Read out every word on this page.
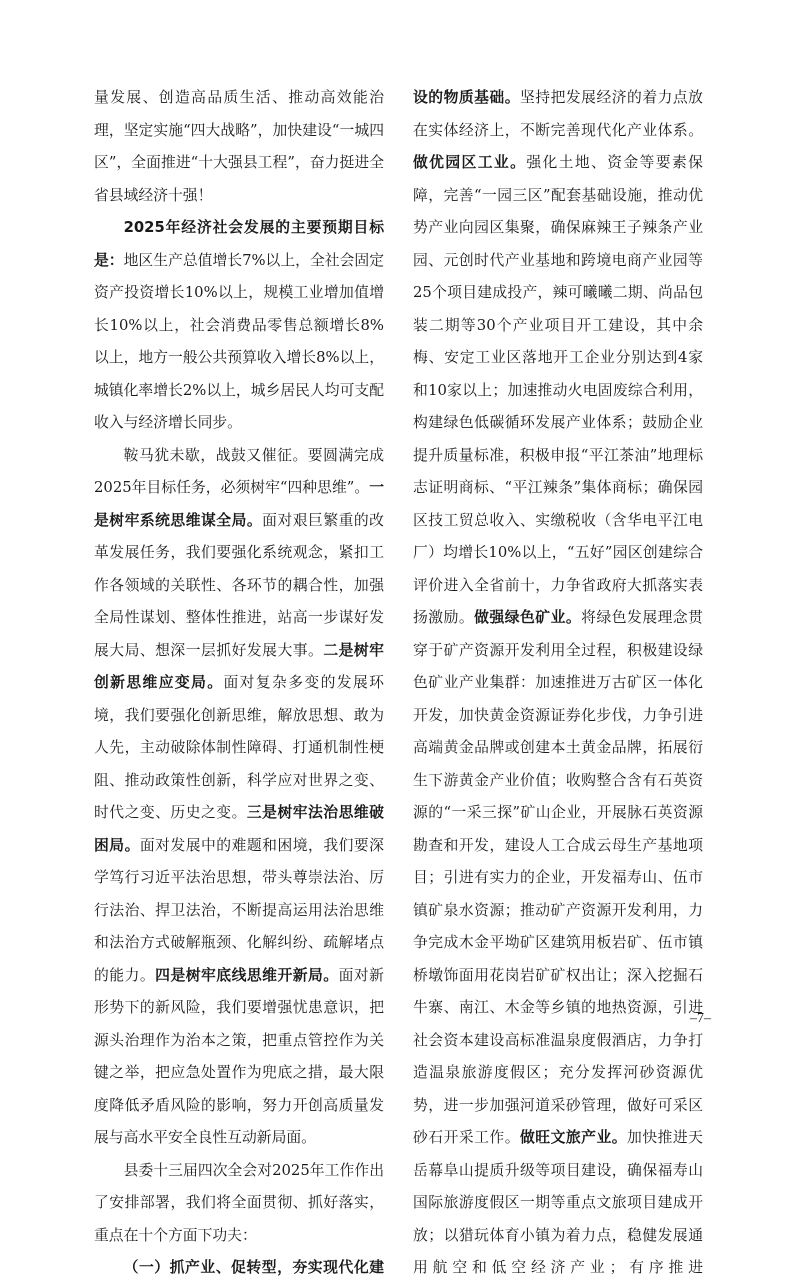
量发展、创造高品质生活、推动高效能治理，坚定实施“四大战略”，加快建设“一城四区”，全面推进“十大强县工程”，奋力挺进全省县域经济十强！

2025年经济社会发展的主要预期目标是：地区生产总值增长7%以上，全社会固定资产投资增长10%以上，规模工业增加值增长10%以上，社会消费品零售总额增长8%以上，地方一般公共预算收入增长8%以上，城镇化率增长2%以上，城乡居民人均可支配收入与经济增长同步。

鞍马犹未歇，战鼓又催征。要圆满完成2025年目标任务，必须树牢“四种思维”。一是树牢系统思维谋全局。面对艰巨繁重的改革发展任务，我们要强化系统观念，紧扣工作各领域的关联性、各环节的耦合性，加强全局性谋划、整体性推进，站高一步谋好发展大局、想深一层抓好发展大事。二是树牢创新思维应变局。面对复杂多变的发展环境，我们要强化创新思维，解放思想、敢为人先，主动破除体制性障碍、打通机制性梗阻、推动政策性创新，科学应对世界之变、时代之变、历史之变。三是树牢法治思维破困局。面对发展中的难题和困境，我们要深学笃行习近平法治思想，带头尊崇法治、厉行法治、捍卫法治，不断提高运用法治思维和法治方式破解瓶颈、化解纠纷、疏解堵点的能力。四是树牢底线思维开新局。面对新形势下的新风险，我们要增强忧患意识，把源头治理作为治本之策，把重点管控作为关键之举，把应急处置作为兜底之措，最大限度降低矛盾风险的影响，努力开创高质量发展与高水平安全良性互动新局面。

县委十三届四次全会对2025年工作作出了安排部署，我们将全面贯彻、抓好落实，重点在十个方面下功夫：

（一）抓产业、促转型，夯实现代化建

设的物质基础。坚持把发展经济的着力点放在实体经济上，不断完善现代化产业体系。做优园区工业。强化土地、资金等要素保障，完善“一园三区”配套基础设施，推动优势产业向园区集聚，确保麻辣王子辣条产业园、元创时代产业基地和跨境电商产业园等25个项目建成投产，辣可曦曦二期、尚品包装二期等30个产业项目开工建设，其中余梅、安定工业区落地开工企业分别达到4家和10家以上；加速推动火电固废综合利用，构建绿色低碳循环发展产业体系；鼓励企业提升质量标准，积极申报“平江茶油”地理标志证明商标、“平江辣条”集体商标；确保园区技工贸总收入、实缴税收（含华电平江电厂）均增长10%以上，“五好”园区创建综合评价进入全省前十，力争省政府大抓落实表扬激励。做强绿色矿业。将绿色发展理念贯穿于矿产资源开发利用全过程，积极建设绿色矿业产业集群：加速推进万古矿区一体化开发，加快黄金资源证券化步伐，力争引进高端黄金品牌或创建本土黄金品牌，拓展衍生下游黄金产业价值；收购整合含有石英资源的“一采三探”矿山企业，开展脉石英资源勘查和开发，建设人工合成云母生产基地项目；引进有实力的企业，开发福寿山、伍市镇矿泉水资源；推动矿产资源开发利用，力争完成木金平坳矿区建筑用板岩矿、伍市镇桥墩饰面用花岗岩矿矿权出让；深入挖掘石牛寨、南江、木金等乡镇的地热资源，引进社会资本建设高标准温泉度假酒店，力争打造温泉旅游度假区；充分发挥河砂资源优势，进一步加强河道采砂管理，做好可采区砂石开采工作。做旺文旅产业。加快推进天岳幕阜山提质升级等项目建设，确保福寿山国际旅游度假区一期等重点文旅项目建成开放；以猎玩体育小镇为着力点，稳健发展通用航空和低空经济产业；有序推进

–7–
